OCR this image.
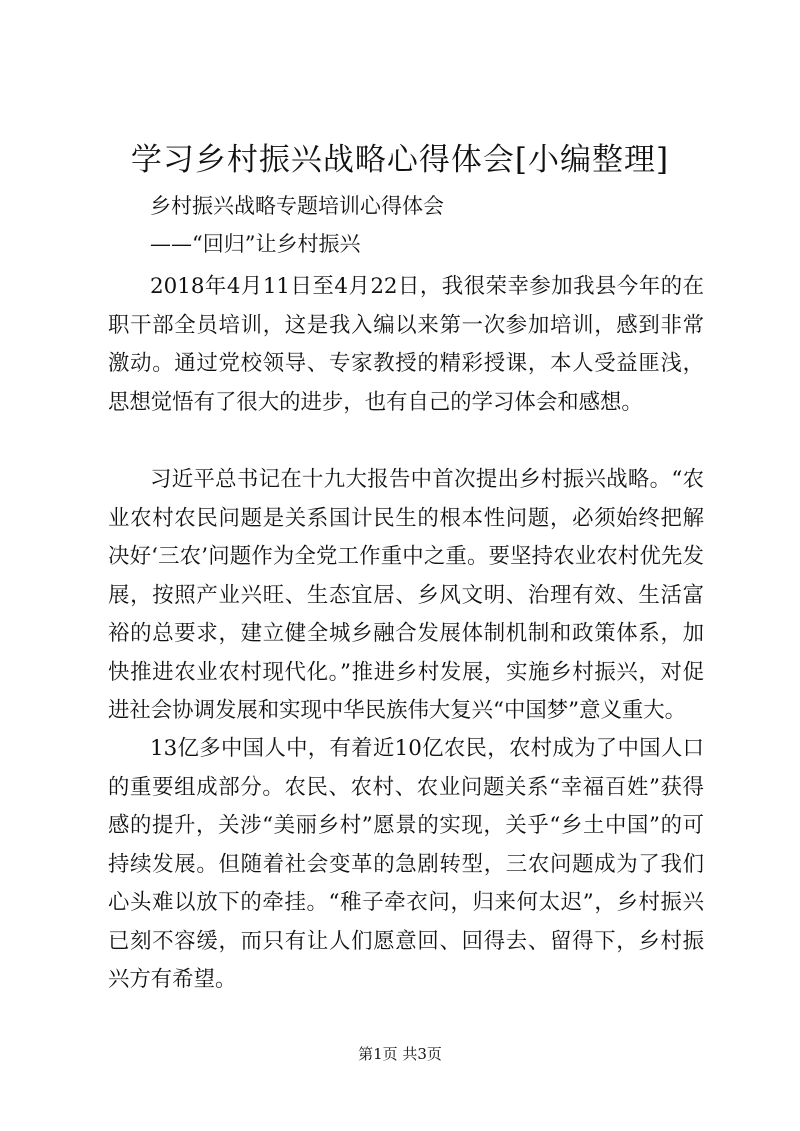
学习乡村振兴战略心得体会[小编整理]

乡村振兴战略专题培训心得体会

——“回归”让乡村振兴

2018年4月11日至4月22日，我很荣幸参加我县今年的在职干部全员培训，这是我入编以来第一次参加培训，感到非常激动。通过党校领导、专家教授的精彩授课，本人受益匪浅，思想觉悟有了很大的进步，也有自己的学习体会和感想。

习近平总书记在十九大报告中首次提出乡村振兴战略。“农业农村农民问题是关系国计民生的根本性问题，必须始终把解决好‘三农’问题作为全党工作重中之重。要坚持农业农村优先发展，按照产业兴旺、生态宜居、乡风文明、治理有效、生活富裕的总要求，建立健全城乡融合发展体制机制和政策体系，加快推进农业农村现代化。”推进乡村发展，实施乡村振兴，对促进社会协调发展和实现中华民族伟大复兴“中国梦”意义重大。

13亿多中国人中，有着近10亿农民，农村成为了中国人口的重要组成部分。农民、农村、农业问题关系“幸福百姓”获得感的提升，关涉“美丽乡村”愿景的实现，关乎“乡土中国”的可持续发展。但随着社会变革的急剧转型，三农问题成为了我们心头难以放下的牵挂。“稚子牵衣问，归来何太迟”，乡村振兴已刻不容缓，而只有让人们愿意回、回得去、留得下，乡村振兴方有希望。

第1页 共3页
